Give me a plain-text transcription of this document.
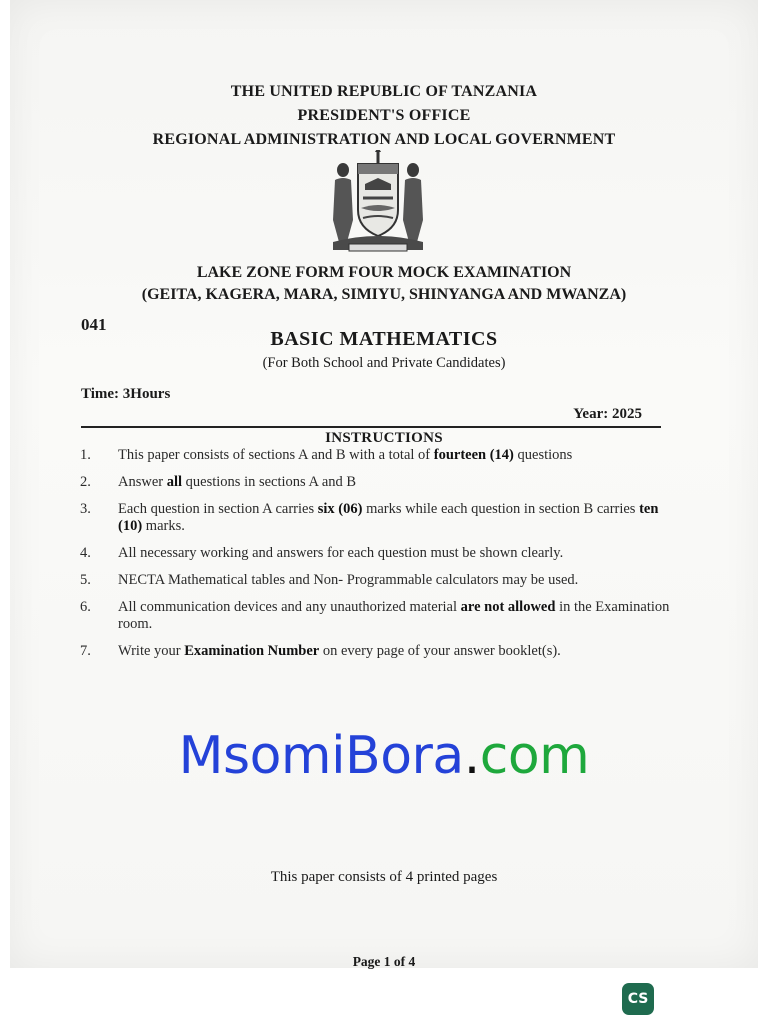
THE UNITED REPUBLIC OF TANZANIA
PRESIDENT'S OFFICE
REGIONAL ADMINISTRATION AND LOCAL GOVERNMENT
LAKE ZONE FORM FOUR MOCK EXAMINATION
(GEITA, KAGERA, MARA, SIMIYU, SHINYANGA AND MWANZA)
041
BASIC MATHEMATICS
(For Both School and Private Candidates)
Time: 3Hours
Year: 2025
INSTRUCTIONS
1. This paper consists of sections A and B with a total of fourteen (14) questions
2. Answer all questions in sections A and B
3. Each question in section A carries six (06) marks while each question in section B carries ten (10) marks.
4. All necessary working and answers for each question must be shown clearly.
5. NECTA Mathematical tables and Non- Programmable calculators may be used.
6. All communication devices and any unauthorized material are not allowed in the Examination room.
7. Write your Examination Number on every page of your answer booklet(s).
MsomiBora.com
This paper consists of 4 printed pages
Page 1 of 4
CS
